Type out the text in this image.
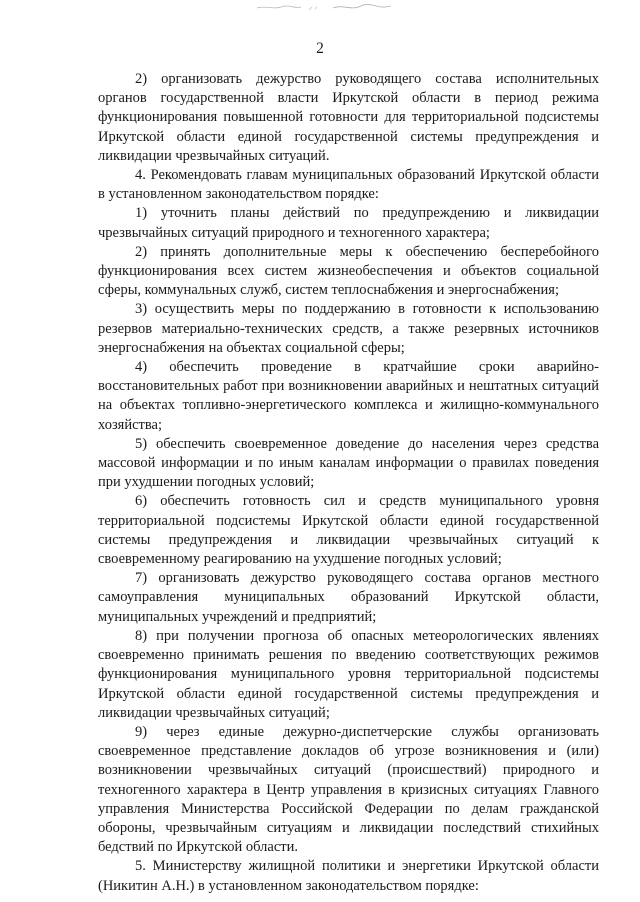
2

2) организовать дежурство руководящего состава исполнительных органов государственной власти Иркутской области в период режима функционирования повышенной готовности для территориальной подсистемы Иркутской области единой государственной системы предупреждения и ликвидации чрезвычайных ситуаций.

4. Рекомендовать главам муниципальных образований Иркутской области в установленном законодательством порядке:

1) уточнить планы действий по предупреждению и ликвидации чрезвычайных ситуаций природного и техногенного характера;

2) принять дополнительные меры к обеспечению бесперебойного функционирования всех систем жизнеобеспечения и объектов социальной сферы, коммунальных служб, систем теплоснабжения и энергоснабжения;

3) осуществить меры по поддержанию в готовности к использованию резервов материально-технических средств, а также резервных источников энергоснабжения на объектах социальной сферы;

4) обеспечить проведение в кратчайшие сроки аварийно-восстановительных работ при возникновении аварийных и нештатных ситуаций на объектах топливно-энергетического комплекса и жилищно-коммунального хозяйства;

5) обеспечить своевременное доведение до населения через средства массовой информации и по иным каналам информации о правилах поведения при ухудшении погодных условий;

6) обеспечить готовность сил и средств муниципального уровня территориальной подсистемы Иркутской области единой государственной системы предупреждения и ликвидации чрезвычайных ситуаций к своевременному реагированию на ухудшение погодных условий;

7) организовать дежурство руководящего состава органов местного самоуправления муниципальных образований Иркутской области, муниципальных учреждений и предприятий;

8) при получении прогноза об опасных метеорологических явлениях своевременно принимать решения по введению соответствующих режимов функционирования муниципального уровня территориальной подсистемы Иркутской области единой государственной системы предупреждения и ликвидации чрезвычайных ситуаций;

9) через единые дежурно-диспетчерские службы организовать своевременное представление докладов об угрозе возникновения и (или) возникновении чрезвычайных ситуаций (происшествий) природного и техногенного характера в Центр управления в кризисных ситуациях Главного управления Министерства Российской Федерации по делам гражданской обороны, чрезвычайным ситуациям и ликвидации последствий стихийных бедствий по Иркутской области.

5. Министерству жилищной политики и энергетики Иркутской области (Никитин А.Н.) в установленном законодательством порядке:
